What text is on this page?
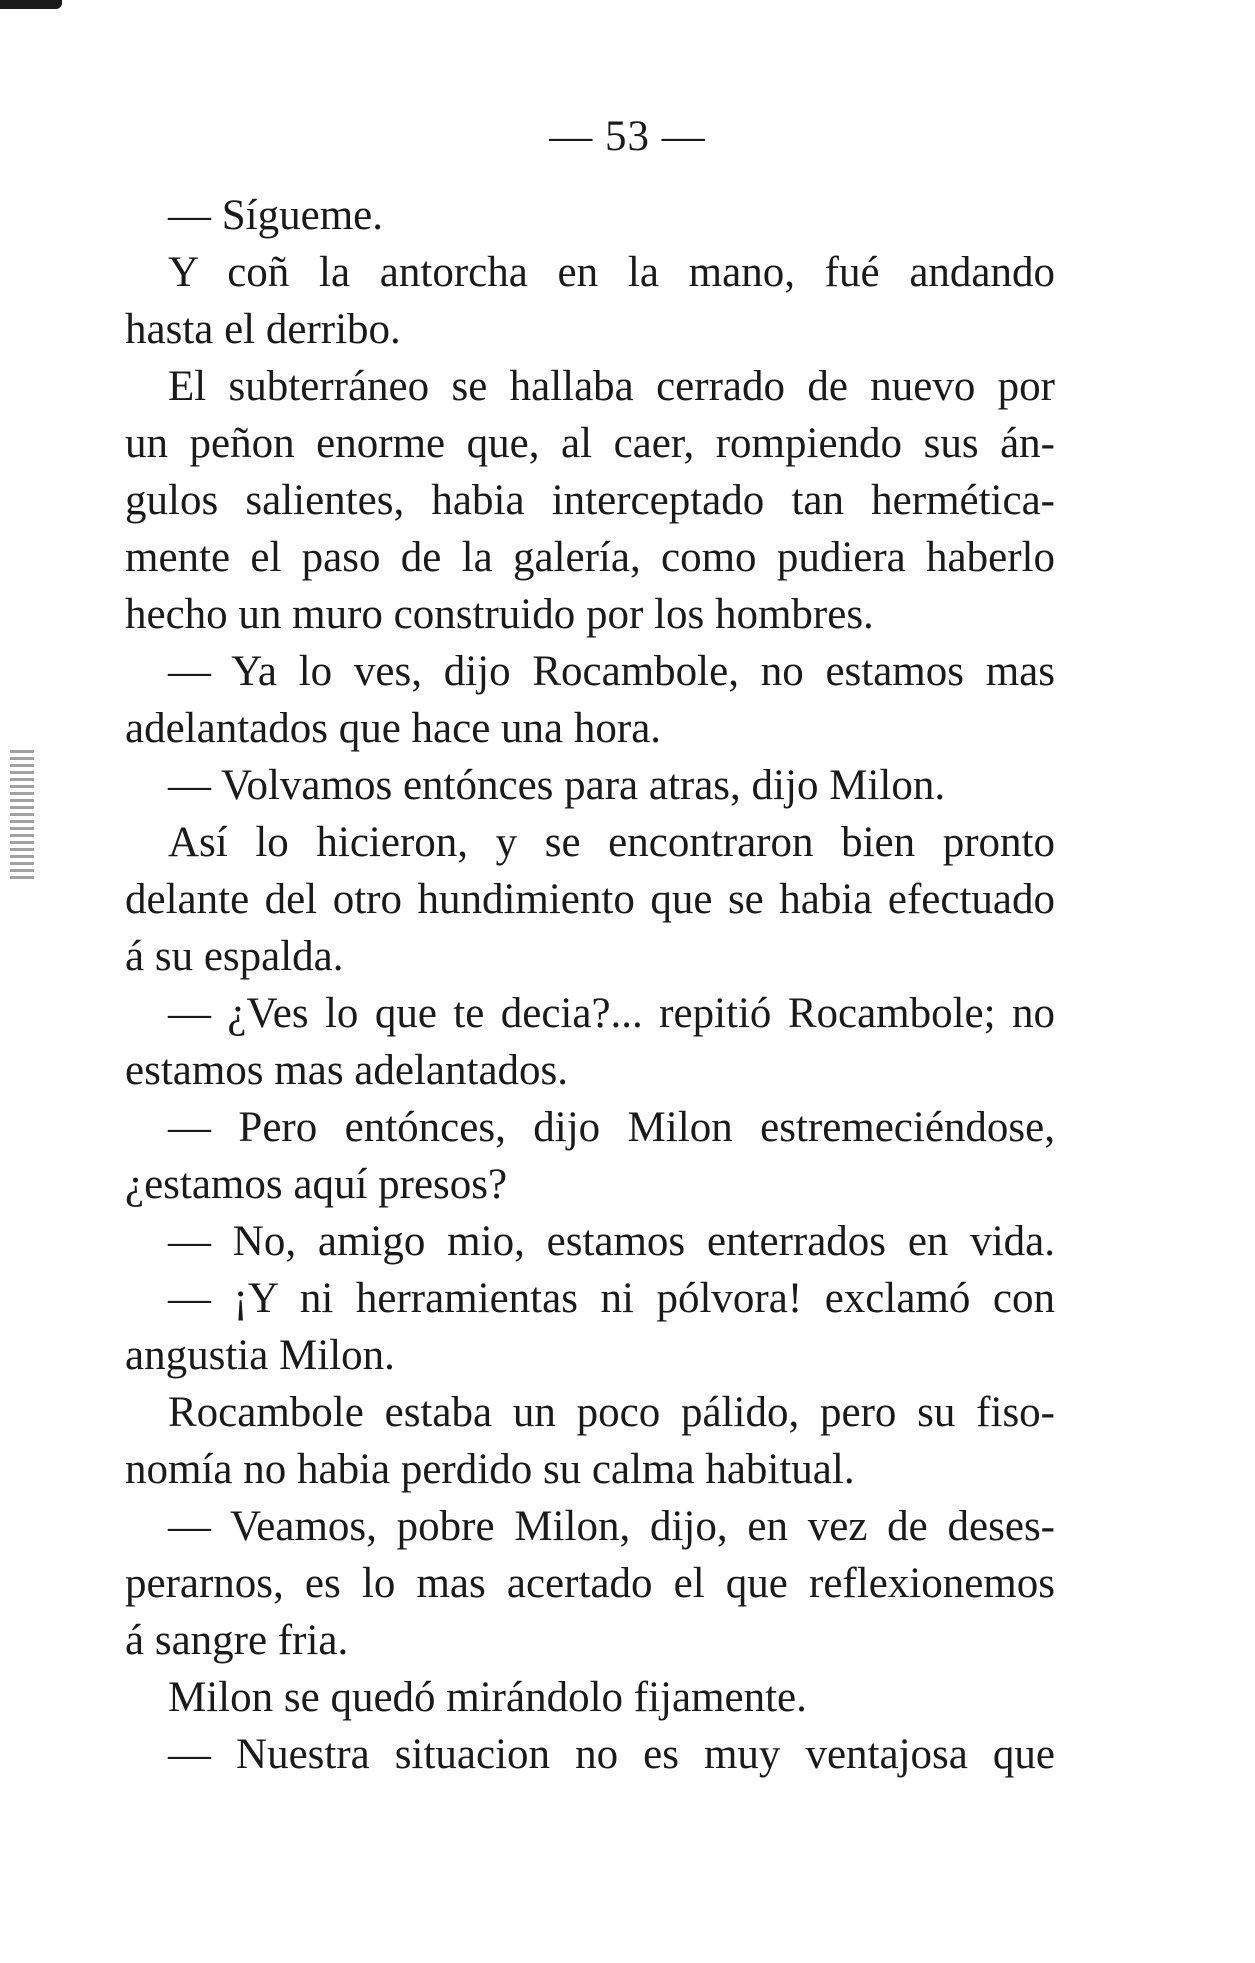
— 53 —
— Sígueme.
Y coñ la antorcha en la mano, fué andando
hasta el derribo.
El subterráneo se hallaba cerrado de nuevo por
un peñon enorme que, al caer, rompiendo sus án-
gulos salientes, habia interceptado tan hermética-
mente el paso de la galería, como pudiera haberlo
hecho un muro construido por los hombres.
— Ya lo ves, dijo Rocambole, no estamos mas
adelantados que hace una hora.
— Volvamos entónces para atras, dijo Milon.
Así lo hicieron, y se encontraron bien pronto
delante del otro hundimiento que se habia efectuado
á su espalda.
— ¿Ves lo que te decia?... repitió Rocambole; no
estamos mas adelantados.
— Pero entónces, dijo Milon estremeciéndose,
¿estamos aquí presos?
— No, amigo mio, estamos enterrados en vida.
— ¡Y ni herramientas ni pólvora! exclamó con
angustia Milon.
Rocambole estaba un poco pálido, pero su fiso-
nomía no habia perdido su calma habitual.
— Veamos, pobre Milon, dijo, en vez de deses-
perarnos, es lo mas acertado el que reflexionemos
á sangre fria.
Milon se quedó mirándolo fijamente.
— Nuestra situacion no es muy ventajosa que
